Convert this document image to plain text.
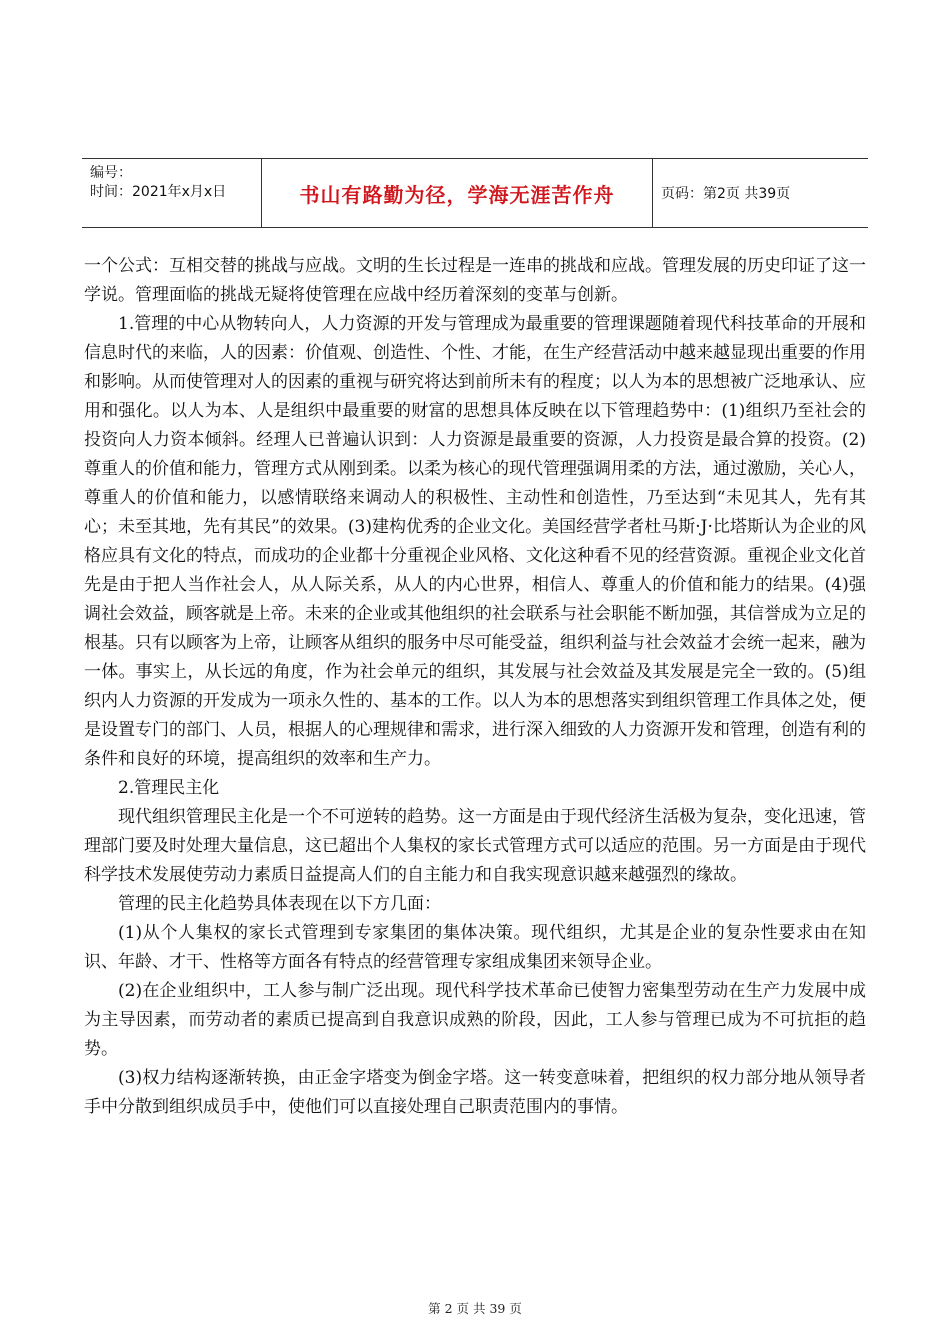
编号：
时间：2021年x月x日	书山有路勤为径，学海无涯苦作舟	页码：第2页 共39页

一个公式：互相交替的挑战与应战。文明的生长过程是一连串的挑战和应战。管理发展的历史印证了这一学说。管理面临的挑战无疑将使管理在应战中经历着深刻的变革与创新。

1.管理的中心从物转向人，人力资源的开发与管理成为最重要的管理课题随着现代科技革命的开展和信息时代的来临，人的因素：价值观、创造性、个性、才能，在生产经营活动中越来越显现出重要的作用和影响。从而使管理对人的因素的重视与研究将达到前所未有的程度；以人为本的思想被广泛地承认、应用和强化。以人为本、人是组织中最重要的财富的思想具体反映在以下管理趋势中：(1)组织乃至社会的投资向人力资本倾斜。经理人已普遍认识到：人力资源是最重要的资源，人力投资是最合算的投资。(2)尊重人的价值和能力，管理方式从刚到柔。以柔为核心的现代管理强调用柔的方法，通过激励，关心人，尊重人的价值和能力，以感情联络来调动人的积极性、主动性和创造性，乃至达到“未见其人，先有其心；未至其地，先有其民”的效果。(3)建构优秀的企业文化。美国经营学者杜马斯·J·比塔斯认为企业的风格应具有文化的特点，而成功的企业都十分重视企业风格、文化这种看不见的经营资源。重视企业文化首先是由于把人当作社会人，从人际关系，从人的内心世界，相信人、尊重人的价值和能力的结果。(4)强调社会效益，顾客就是上帝。未来的企业或其他组织的社会联系与社会职能不断加强，其信誉成为立足的根基。只有以顾客为上帝，让顾客从组织的服务中尽可能受益，组织利益与社会效益才会统一起来，融为一体。事实上，从长远的角度，作为社会单元的组织，其发展与社会效益及其发展是完全一致的。(5)组织内人力资源的开发成为一项永久性的、基本的工作。以人为本的思想落实到组织管理工作具体之处，便是设置专门的部门、人员，根据人的心理规律和需求，进行深入细致的人力资源开发和管理，创造有利的条件和良好的环境，提高组织的效率和生产力。

2.管理民主化

现代组织管理民主化是一个不可逆转的趋势。这一方面是由于现代经济生活极为复杂，变化迅速，管理部门要及时处理大量信息，这已超出个人集权的家长式管理方式可以适应的范围。另一方面是由于现代科学技术发展使劳动力素质日益提高人们的自主能力和自我实现意识越来越强烈的缘故。

管理的民主化趋势具体表现在以下方几面：

(1)从个人集权的家长式管理到专家集团的集体决策。现代组织，尤其是企业的复杂性要求由在知识、年龄、才干、性格等方面各有特点的经营管理专家组成集团来领导企业。

(2)在企业组织中，工人参与制广泛出现。现代科学技术革命已使智力密集型劳动在生产力发展中成为主导因素，而劳动者的素质已提高到自我意识成熟的阶段，因此，工人参与管理已成为不可抗拒的趋势。

(3)权力结构逐渐转换，由正金字塔变为倒金字塔。这一转变意味着，把组织的权力部分地从领导者手中分散到组织成员手中，使他们可以直接处理自己职责范围内的事情。

第 2 页 共 39 页
